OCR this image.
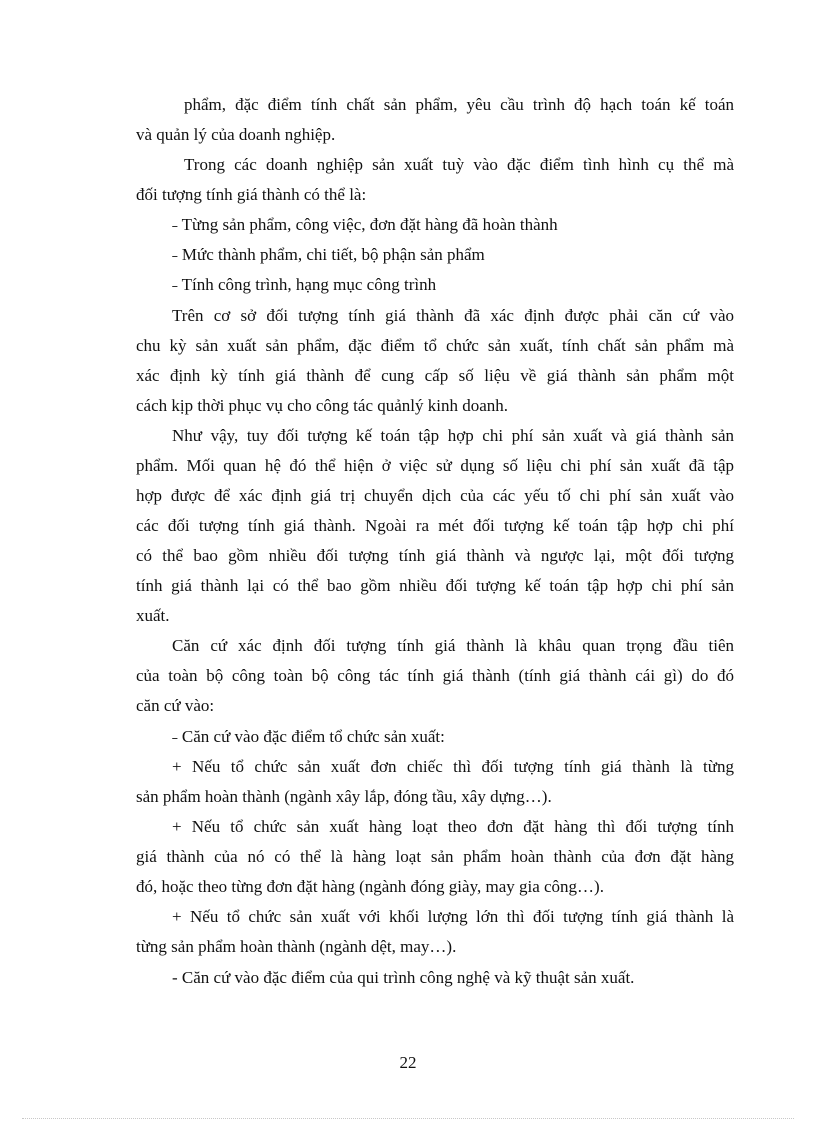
phẩm, đặc điểm tính chất sản phẩm, yêu cầu trình độ hạch toán kế toán
và quản lý của doanh nghiệp.
Trong các doanh nghiệp sản xuất tuỳ vào đặc điểm tình hình cụ thể mà
đối tượng tính giá thành có thể là:
˗ Từng sản phẩm, công việc, đơn đặt hàng đã hoàn thành
˗ Mức thành phẩm, chi tiết, bộ phận sản phẩm
˗ Tính công trình, hạng mục công trình
Trên cơ sở đối tượng tính giá thành đã xác định được phải căn cứ vào
chu kỳ sản xuất sản phẩm, đặc điểm tổ chức sản xuất, tính chất sản phẩm mà
xác định kỳ tính giá thành để cung cấp số liệu về giá thành sản phẩm một
cách kịp thời phục vụ cho công tác quảnlý kinh doanh.
Như vậy, tuy đối tượng kế toán tập hợp chi phí sản xuất và giá thành sản
phẩm. Mối quan hệ đó thể hiện ở việc sử dụng số liệu chi phí sản xuất đã tập
hợp được để xác định giá trị chuyển dịch của các yếu tố chi phí sản xuất vào
các đối tượng tính giá thành. Ngoài ra mét đối tượng kế toán tập hợp chi phí
có thể bao gồm nhiều đối tượng tính giá thành và ngược lại, một đối tượng
tính giá thành lại có thể bao gồm nhiều đối tượng kế toán tập hợp chi phí sản
xuất.
Căn cứ xác định đối tượng tính giá thành là khâu quan trọng đầu tiên
của toàn bộ công toàn bộ công tác tính giá thành (tính giá thành cái gì) do đó
căn cứ vào:
˗ Căn cứ vào đặc điểm tổ chức sản xuất:
+ Nếu tổ chức sản xuất đơn chiếc thì đối tượng tính giá thành là từng
sản phẩm hoàn thành (ngành xây lắp, đóng tầu, xây dựng…).
+ Nếu tổ chức sản xuất hàng loạt theo đơn đặt hàng thì đối tượng tính
giá thành của nó có thể là hàng loạt sản phẩm hoàn thành của đơn đặt hàng
đó, hoặc theo từng đơn đặt hàng (ngành đóng giày, may gia công…).
+ Nếu tổ chức sản xuất với khối lượng lớn thì đối tượng tính giá thành là
từng sản phẩm hoàn thành (ngành dệt, may…).
- Căn cứ vào đặc điểm của qui trình công nghệ và kỹ thuật sản xuất.
22
